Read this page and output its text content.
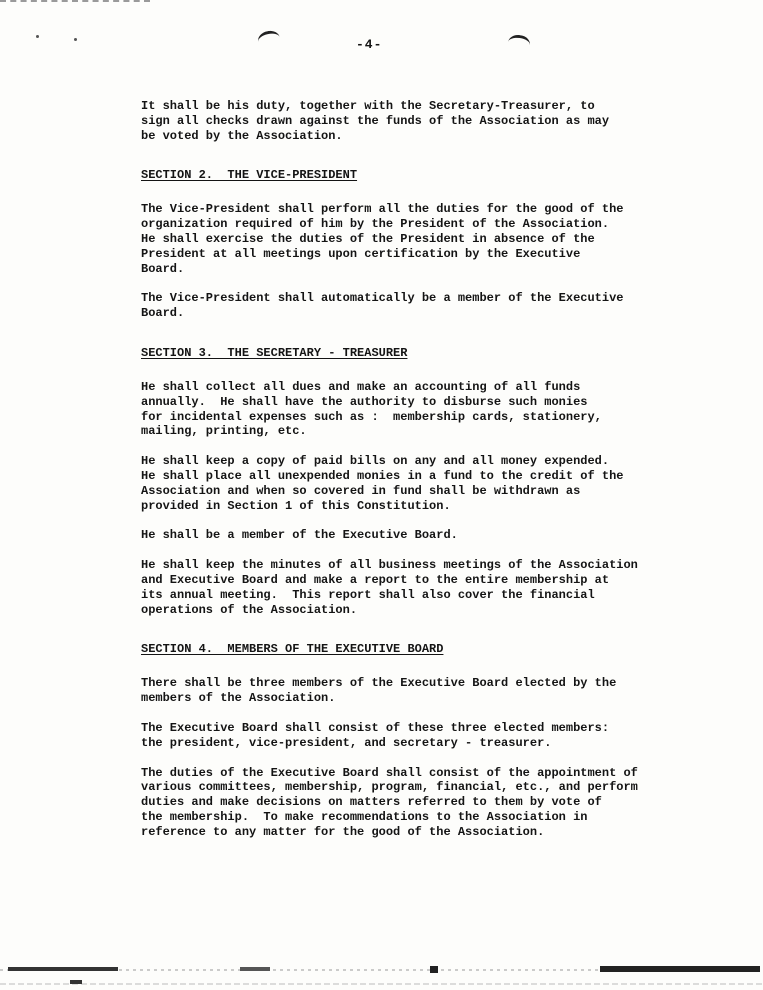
-4-
It shall be his duty, together with the Secretary-Treasurer, to
sign all checks drawn against the funds of the Association as may
be voted by the Association.
SECTION 2.  THE VICE-PRESIDENT
The Vice-President shall perform all the duties for the good of the
organization required of him by the President of the Association.
He shall exercise the duties of the President in absence of the
President at all meetings upon certification by the Executive
Board.
The Vice-President shall automatically be a member of the Executive
Board.
SECTION 3.  THE SECRETARY - TREASURER
He shall collect all dues and make an accounting of all funds
annually.  He shall have the authority to disburse such monies
for incidental expenses such as :  membership cards, stationery,
mailing, printing, etc.
He shall keep a copy of paid bills on any and all money expended.
He shall place all unexpended monies in a fund to the credit of the
Association and when so covered in fund shall be withdrawn as
provided in Section 1 of this Constitution.
He shall be a member of the Executive Board.
He shall keep the minutes of all business meetings of the Association
and Executive Board and make a report to the entire membership at
its annual meeting.  This report shall also cover the financial
operations of the Association.
SECTION 4.  MEMBERS OF THE EXECUTIVE BOARD
There shall be three members of the Executive Board elected by the
members of the Association.
The Executive Board shall consist of these three elected members:
the president, vice-president, and secretary - treasurer.
The duties of the Executive Board shall consist of the appointment of
various committees, membership, program, financial, etc., and perform
duties and make decisions on matters referred to them by vote of
the membership.  To make recommendations to the Association in
reference to any matter for the good of the Association.
